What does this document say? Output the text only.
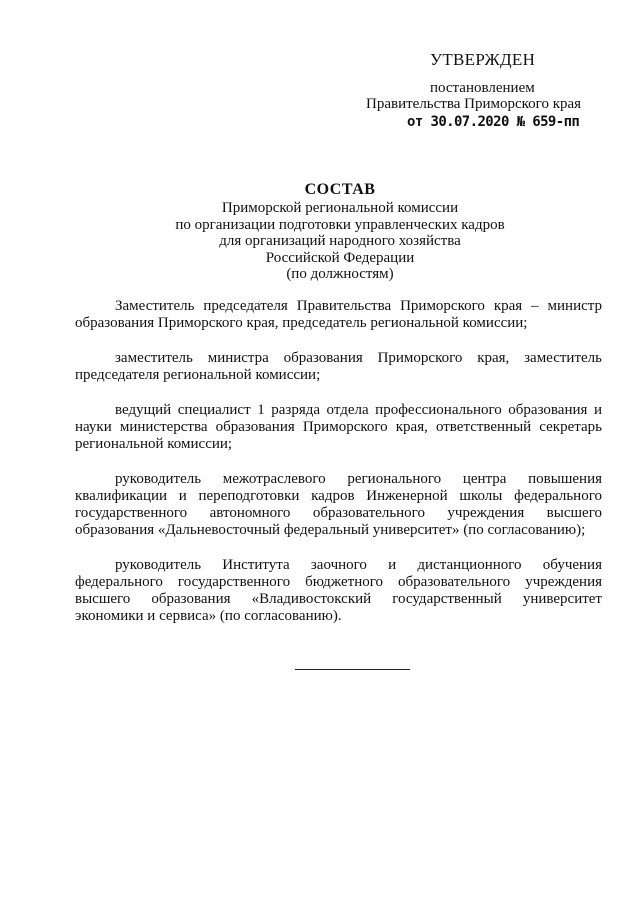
УТВЕРЖДЕН
постановлением
Правительства Приморского края
от 30.07.2020 № 659-пп
СОСТАВ
Приморской региональной комиссии
по организации подготовки управленческих кадров
для организаций народного хозяйства
Российской Федерации
(по должностям)

Заместитель председателя Правительства Приморского края – министр образования Приморского края, председатель региональной комиссии;

заместитель министра образования Приморского края, заместитель председателя региональной комиссии;

ведущий специалист 1 разряда отдела профессионального образования и науки министерства образования Приморского края, ответственный секретарь региональной комиссии;

руководитель межотраслевого регионального центра повышения квалификации и переподготовки кадров Инженерной школы федерального государственного автономного образовательного учреждения высшего образования «Дальневосточный федеральный университет» (по согласованию);

руководитель Института заочного и дистанционного обучения федерального государственного бюджетного образовательного учреждения высшего образования «Владивостокский государственный университет экономики и сервиса» (по согласованию).
